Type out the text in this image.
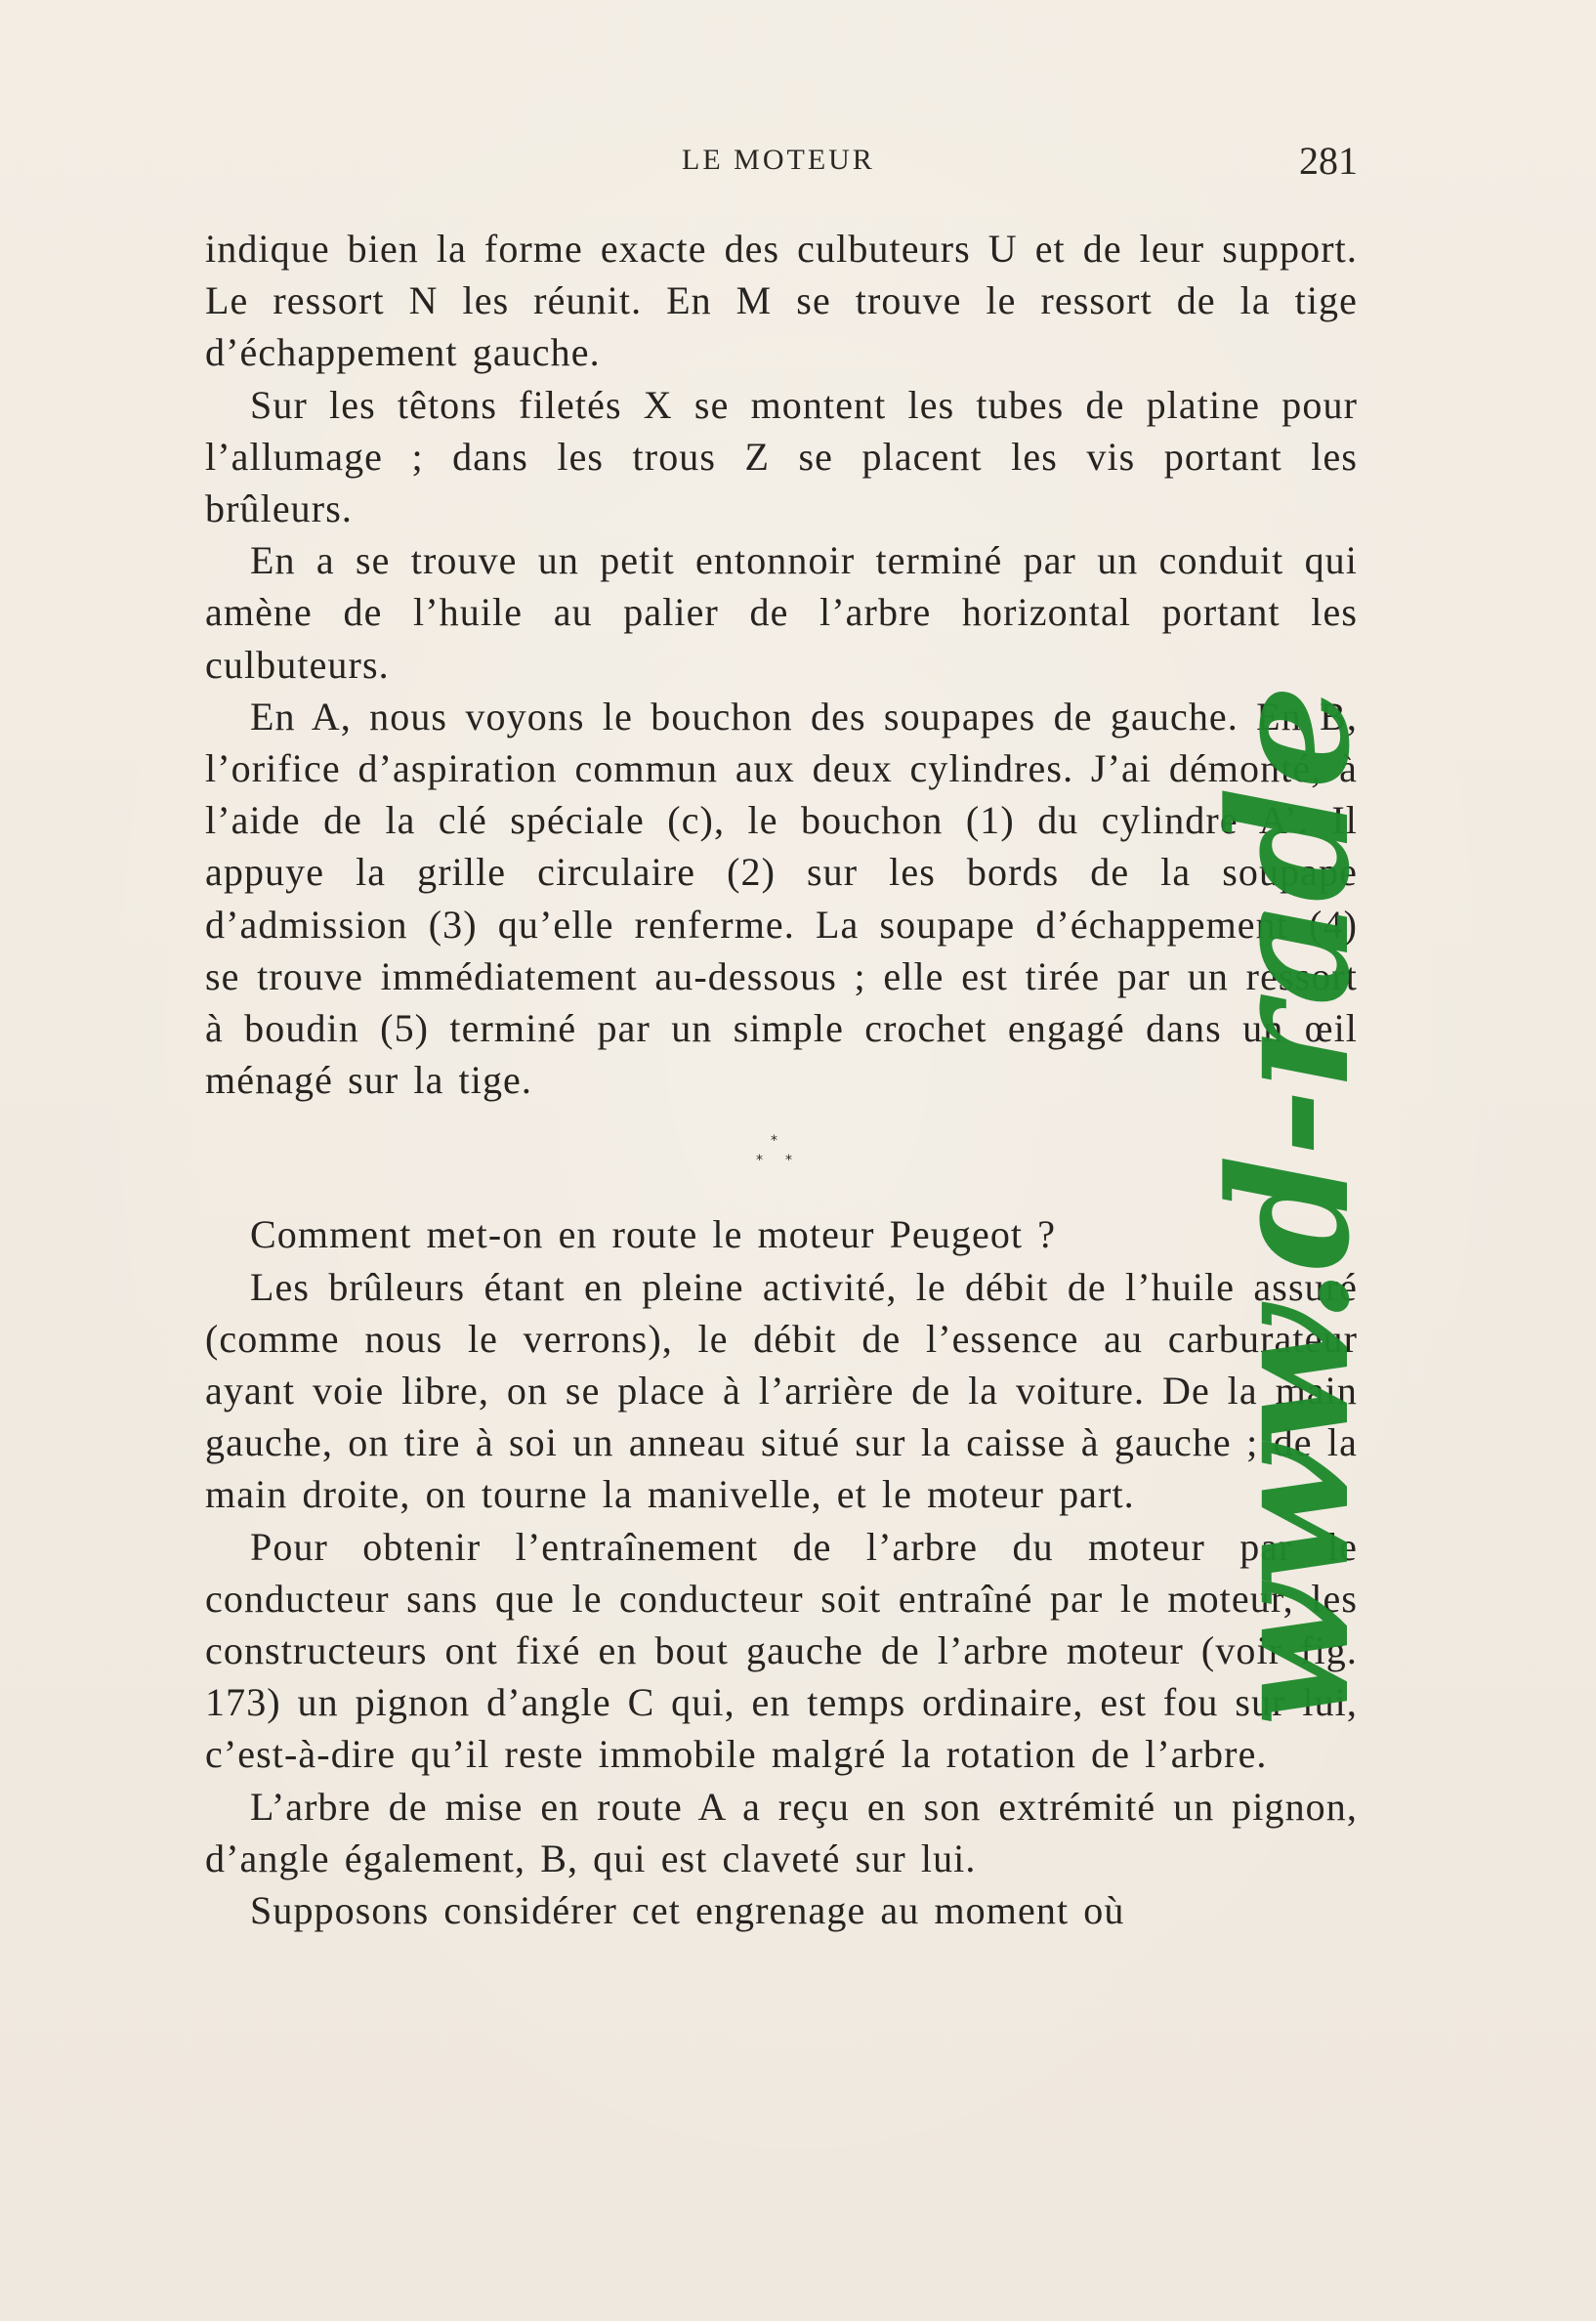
LE MOTEUR	281

indique bien la forme exacte des culbuteurs U et de leur support. Le ressort N les réunit. En M se trouve le ressort de la tige d’échappement gauche.

Sur les têtons filetés X se montent les tubes de platine pour l’allumage ; dans les trous Z se placent les vis portant les brûleurs.

En a se trouve un petit entonnoir terminé par un conduit qui amène de l’huile au palier de l’arbre horizontal portant les culbuteurs.

En A, nous voyons le bouchon des soupapes de gauche. En B, l’orifice d’aspiration commun aux deux cylindres. J’ai démonté, à l’aide de la clé spéciale (c), le bouchon (1) du cylindre A’. Il appuye la grille circulaire (2) sur les bords de la soupape d’admission (3) qu’elle renferme. La soupape d’échappement (4) se trouve immédiatement au-dessous ; elle est tirée par un ressort à boudin (5) terminé par un simple crochet engagé dans un œil ménagé sur la tige.

*
* *

Comment met-on en route le moteur Peugeot ?

Les brûleurs étant en pleine activité, le débit de l’huile assuré (comme nous le verrons), le débit de l’essence au carburateur ayant voie libre, on se place à l’arrière de la voiture. De la main gauche, on tire à soi un anneau situé sur la caisse à gauche ; de la main droite, on tourne la manivelle, et le moteur part.

Pour obtenir l’entraînement de l’arbre du moteur par le conducteur sans que le conducteur soit entraîné par le moteur, les constructeurs ont fixé en bout gauche de l’arbre moteur (voir fig. 173) un pignon d’angle C qui, en temps ordinaire, est fou sur lui, c’est-à-dire qu’il reste immobile malgré la rotation de l’arbre.

L’arbre de mise en route A a reçu en son extrémité un pignon, d’angle également, B, qui est claveté sur lui.

Supposons considérer cet engrenage au moment où

www.d-rade
